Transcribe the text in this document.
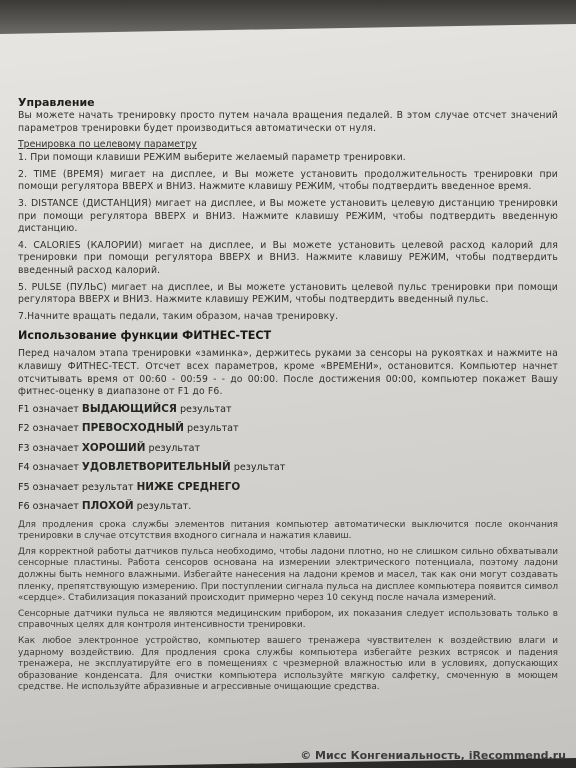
Управление
Вы можете начать тренировку просто путем начала вращения педалей. В этом случае отсчет значений параметров тренировки будет производиться автоматически от нуля.
Тренировка по целевому параметру
1. При помощи клавиши РЕЖИМ выберите желаемый параметр тренировки.
2. TIME (ВРЕМЯ) мигает на дисплее, и Вы можете установить продолжительность тренировки при помощи регулятора ВВЕРХ и ВНИЗ. Нажмите клавишу РЕЖИМ, чтобы подтвердить введенное время.
3. DISTANCE (ДИСТАНЦИЯ) мигает на дисплее, и Вы можете установить целевую дистанцию тренировки при помощи регулятора ВВЕРХ и ВНИЗ. Нажмите клавишу РЕЖИМ, чтобы подтвердить введенную дистанцию.
4. CALORIES (КАЛОРИИ) мигает на дисплее, и Вы можете установить целевой расход калорий для тренировки при помощи регулятора ВВЕРХ и ВНИЗ. Нажмите клавишу РЕЖИМ, чтобы подтвердить введенный расход калорий.
5. PULSE (ПУЛЬС) мигает на дисплее, и Вы можете установить целевой пульс тренировки при помощи регулятора ВВЕРХ и ВНИЗ. Нажмите клавишу РЕЖИМ, чтобы подтвердить введенный пульс.
7.Начните вращать педали, таким образом, начав тренировку.
Использование функции ФИТНЕС-ТЕСТ
Перед началом этапа тренировки «заминка», держитесь руками за сенсоры на рукоятках и нажмите на клавишу ФИТНЕС-ТЕСТ. Отсчет всех параметров, кроме «ВРЕМЕНИ», остановится. Компьютер начнет отсчитывать время от 00:60 - 00:59 - - до 00:00. После достижения 00:00, компьютер покажет Вашу фитнес-оценку в диапазоне от F1 до F6.
F1 означает ВЫДАЮЩИЙСЯ результат
F2 означает ПРЕВОСХОДНЫЙ результат
F3 означает ХОРОШИЙ результат
F4 означает УДОВЛЕТВОРИТЕЛЬНЫЙ результат
F5 означает результат НИЖЕ СРЕДНЕГО
F6 означает ПЛОХОЙ результат.
Для продления срока службы элементов питания компьютер автоматически выключится после окончания тренировки в случае отсутствия входного сигнала и нажатия клавиш.
Для корректной работы датчиков пульса необходимо, чтобы ладони плотно, но не слишком сильно обхватывали сенсорные пластины. Работа сенсоров основана на измерении электрического потенциала, поэтому ладони должны быть немного влажными. Избегайте нанесения на ладони кремов и масел, так как они могут создавать пленку, препятствующую измерению. При поступлении сигнала пульса на дисплее компьютера появится символ «сердце». Стабилизация показаний происходит примерно через 10 секунд после начала измерений.
Сенсорные датчики пульса не являются медицинским прибором, их показания следует использовать только в справочных целях для контроля интенсивности тренировки.
Как любое электронное устройство, компьютер вашего тренажера чувствителен к воздействию влаги и ударному воздействию. Для продления срока службы компьютера избегайте резких встрясок и падения тренажера, не эксплуатируйте его в помещениях с чрезмерной влажностью или в условиях, допускающих образование конденсата. Для очистки компьютера используйте мягкую салфетку, смоченную в моющем средстве. Не используйте абразивные и агрессивные очищающие средства.
© Мисс Конгениальность, iRecommend.ru
